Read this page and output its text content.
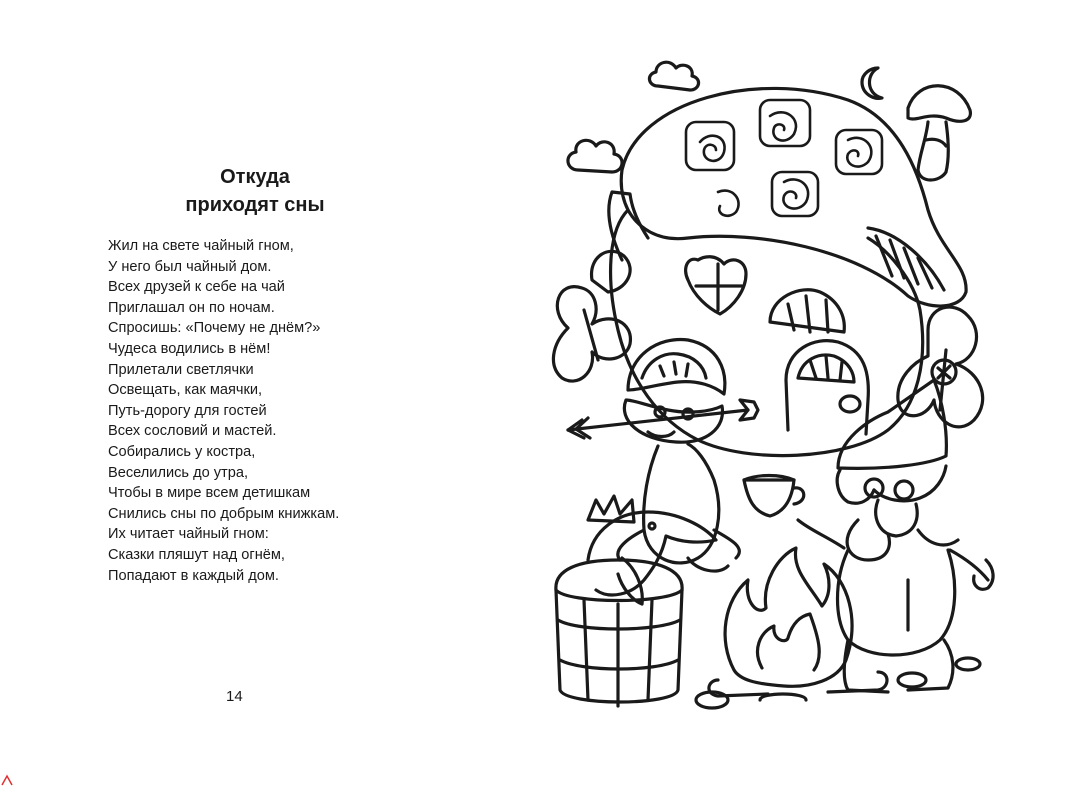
Откуда
приходят сны
Жил на свете чайный гном,
У него был чайный дом.
Всех друзей к себе на чай
Приглашал он по ночам.
Спросишь: «Почему не днём?»
Чудеса водились в нём!
Прилетали светлячки
Освещать, как маячки,
Путь-дорогу для гостей
Всех сословий и мастей.
Собирались у костра,
Веселились до утра,
Чтобы в мире всем детишкам
Снились сны по добрым книжкам.
Их читает чайный гном:
Сказки пляшут над огнём,
Попадают в каждый дом.
14
